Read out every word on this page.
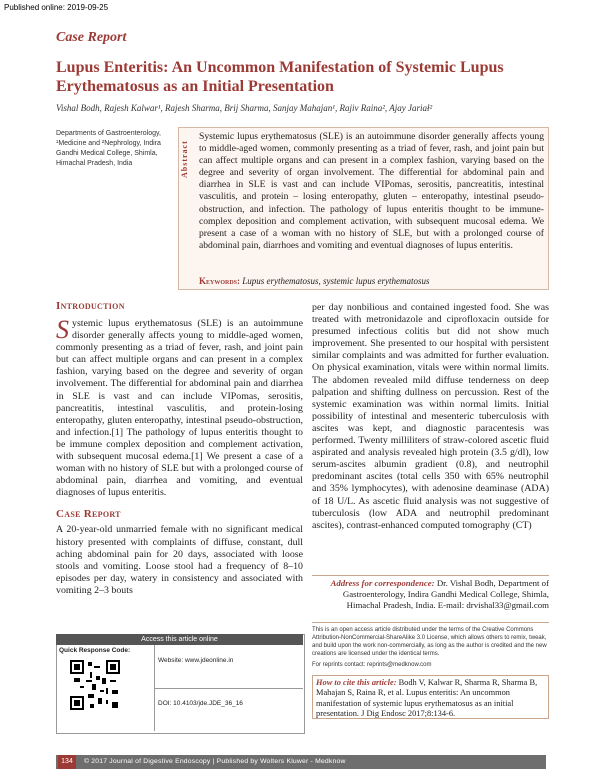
Published online: 2019-09-25
Case Report
Lupus Enteritis: An Uncommon Manifestation of Systemic Lupus Erythematosus as an Initial Presentation
Vishal Bodh, Rajesh Kalwar¹, Rajesh Sharma, Brij Sharma, Sanjay Mahajan¹, Rajiv Raina², Ajay Jariał²
Departments of Gastroenterology, ¹Medicine and ²Nephrology, Indira Gandhi Medical College, Shimla, Himachal Pradesh, India	Abstract
Systemic lupus erythematosus (SLE) is an autoimmune disorder generally affects young to middle-aged women, commonly presenting as a triad of fever, rash, and joint pain but can affect multiple organs and can present in a complex fashion, varying based on the degree and severity of organ involvement. The differential for abdominal pain and diarrhea in SLE is vast and can include VIPomas, serositis, pancreatitis, intestinal vasculitis, and protein – losing enteropathy, gluten – enteropathy, intestinal pseudo-obstruction, and infection. The pathology of lupus enteritis thought to be immune-complex deposition and complement activation, with subsequent mucosal edema. We present a case of a woman with no history of SLE, but with a prolonged course of abdominal pain, diarrhoes and vomiting and eventual diagnoses of lupus enteritis.
Keywords: Lupus erythematosus, systemic lupus erythematosus
Introduction
Systemic lupus erythematosus (SLE) is an autoimmune disorder generally affects young to middle-aged women, commonly presenting as a triad of fever, rash, and joint pain but can affect multiple organs and can present in a complex fashion, varying based on the degree and severity of organ involvement. The differential for abdominal pain and diarrhea in SLE is vast and can include VIPomas, serositis, pancreatitis, intestinal vasculitis, and protein-losing enteropathy, gluten enteropathy, intestinal pseudo-obstruction, and infection.[1] The pathology of lupus enteritis thought to be immune complex deposition and complement activation, with subsequent mucosal edema.[1] We present a case of a woman with no history of SLE but with a prolonged course of abdominal pain, diarrhea and vomiting, and eventual diagnoses of lupus enteritis.
Case Report
A 20-year-old unmarried female with no significant medical history presented with complaints of diffuse, constant, dull aching abdominal pain for 20 days, associated with loose stools and vomiting. Loose stool had a frequency of 8–10 episodes per day, watery in consistency and associated with vomiting 2–3 bouts
per day nonbilious and contained ingested food. She was treated with metronidazole and ciprofloxacin outside for presumed infectious colitis but did not show much improvement. She presented to our hospital with persistent similar complaints and was admitted for further evaluation. On physical examination, vitals were within normal limits. The abdomen revealed mild diffuse tenderness on deep palpation and shifting dullness on percussion. Rest of the systemic examination was within normal limits. Initial possibility of intestinal and mesenteric tuberculosis with ascites was kept, and diagnostic paracentesis was performed. Twenty milliliters of straw-colored ascetic fluid aspirated and analysis revealed high protein (3.5 g/dl), low serum-ascites albumin gradient (0.8), and neutrophil predominant ascites (total cells 350 with 65% neutrophil and 35% lymphocytes), with adenosine deaminase (ADA) of 18 U/L. As ascetic fluid analysis was not suggestive of tuberculosis (low ADA and neutrophil predominant ascites), contrast-enhanced computed tomography (CT)
Address for correspondence: Dr. Vishal Bodh, Department of Gastroenterology, Indira Gandhi Medical College, Shimla, Himachal Pradesh, India. E-mail: drvishal33@gmail.com
This is an open access article distributed under the terms of the Creative Commons Attribution-NonCommercial-ShareAlike 3.0 License, which allows others to remix, tweak, and build upon the work non-commercially, as long as the author is credited and the new creations are licensed under the identical terms.
For reprints contact: reprints@medknow.com
How to cite this article: Bodh V, Kalwar R, Sharma R, Sharma B, Mahajan S, Raina R, et al. Lupus enteritis: An uncommon manifestation of systemic lupus erythematosus as an initial presentation. J Dig Endosc 2017;8:134-6.
Access this article online
Quick Response Code:
Website: www.jdeonline.in
DOI: 10.4103/jde.JDE_36_16
134	© 2017 Journal of Digestive Endoscopy | Published by Wolters Kluwer - Medknow
